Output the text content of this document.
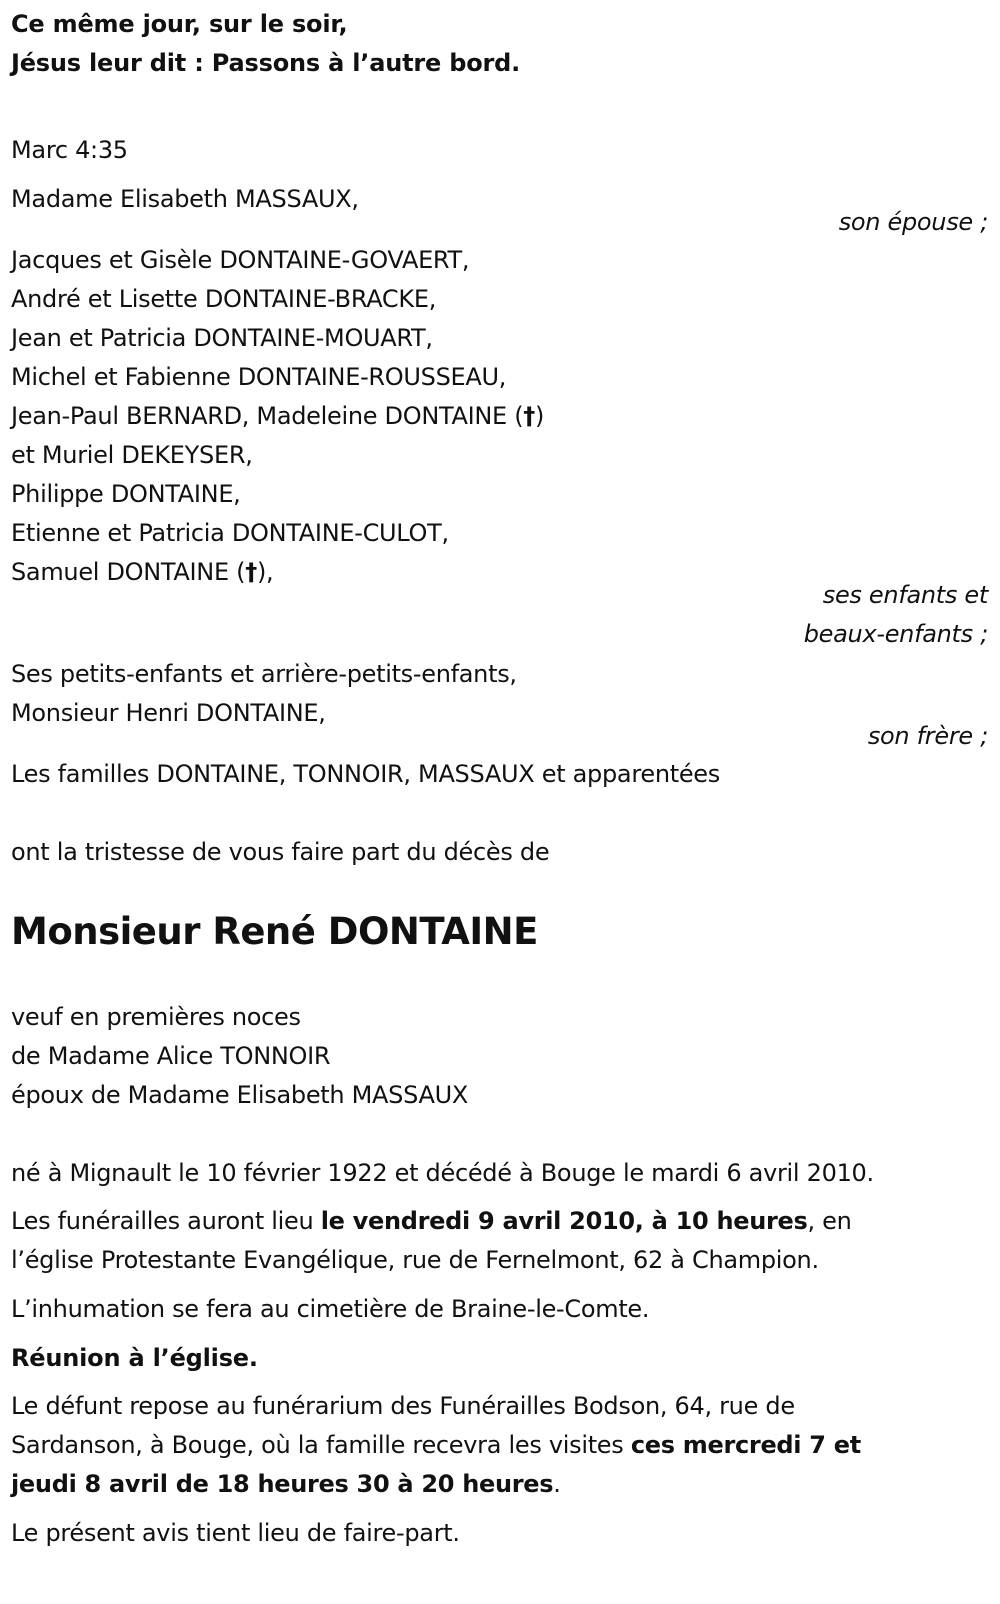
Ce même jour, sur le soir,
Jésus leur dit : Passons à l’autre bord.
Marc 4:35
Madame Elisabeth MASSAUX,
son épouse ;
Jacques et Gisèle DONTAINE-GOVAERT,
André et Lisette DONTAINE-BRACKE,
Jean et Patricia DONTAINE-MOUART,
Michel et Fabienne DONTAINE-ROUSSEAU,
Jean-Paul BERNARD, Madeleine DONTAINE (†)
et Muriel DEKEYSER,
Philippe DONTAINE,
Etienne et Patricia DONTAINE-CULOT,
Samuel DONTAINE (†),
ses enfants et
beaux-enfants ;
Ses petits-enfants et arrière-petits-enfants,
Monsieur Henri DONTAINE,
son frère ;
Les familles DONTAINE, TONNOIR, MASSAUX et apparentées
ont la tristesse de vous faire part du décès de
Monsieur René DONTAINE
veuf en premières noces
de Madame Alice TONNOIR
époux de Madame Elisabeth MASSAUX
né à Mignault le 10 février 1922 et décédé à Bouge le mardi 6 avril 2010.
Les funérailles auront lieu le vendredi 9 avril 2010, à 10 heures, en
l’église Protestante Evangélique, rue de Fernelmont, 62 à Champion.
L’inhumation se fera au cimetière de Braine-le-Comte.
Réunion à l’église.
Le défunt repose au funérarium des Funérailles Bodson, 64, rue de
Sardanson, à Bouge, où la famille recevra les visites ces mercredi 7 et
jeudi 8 avril de 18 heures 30 à 20 heures.
Le présent avis tient lieu de faire-part.
